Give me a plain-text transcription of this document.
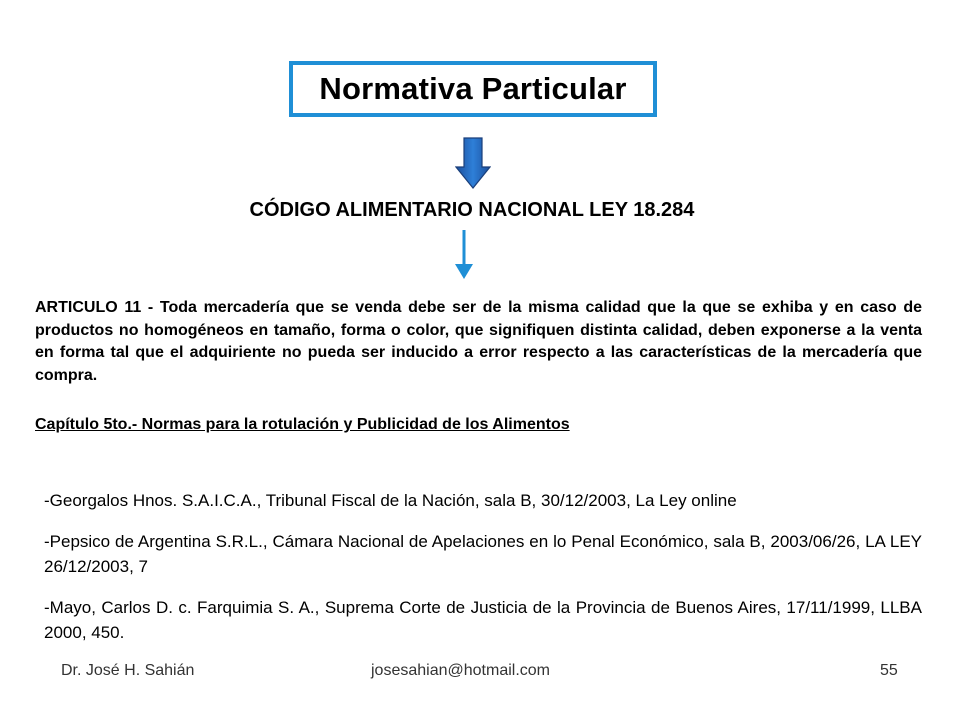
Normativa Particular
CÓDIGO ALIMENTARIO NACIONAL LEY 18.284
ARTICULO 11 - Toda mercadería que se venda debe ser de la misma calidad que la que se exhiba y en caso de productos no homogéneos en tamaño, forma o color, que signifiquen distinta calidad, deben exponerse a la venta en forma tal que el adquiriente no pueda ser inducido a error respecto a las características de la mercadería que compra.
Capítulo 5to.- Normas para la rotulación y Publicidad de los Alimentos

-Georgalos Hnos. S.A.I.C.A., Tribunal Fiscal de la Nación, sala B, 30/12/2003, La Ley online

-Pepsico de Argentina S.R.L., Cámara Nacional de Apelaciones en lo Penal Económico, sala B, 2003/06/26, LA LEY 26/12/2003, 7

-Mayo, Carlos D. c. Farquimia S. A., Suprema Corte de Justicia de la Provincia de Buenos Aires, 17/11/1999, LLBA 2000, 450.

Dr. José H. Sahián	josesahian@hotmail.com	55
